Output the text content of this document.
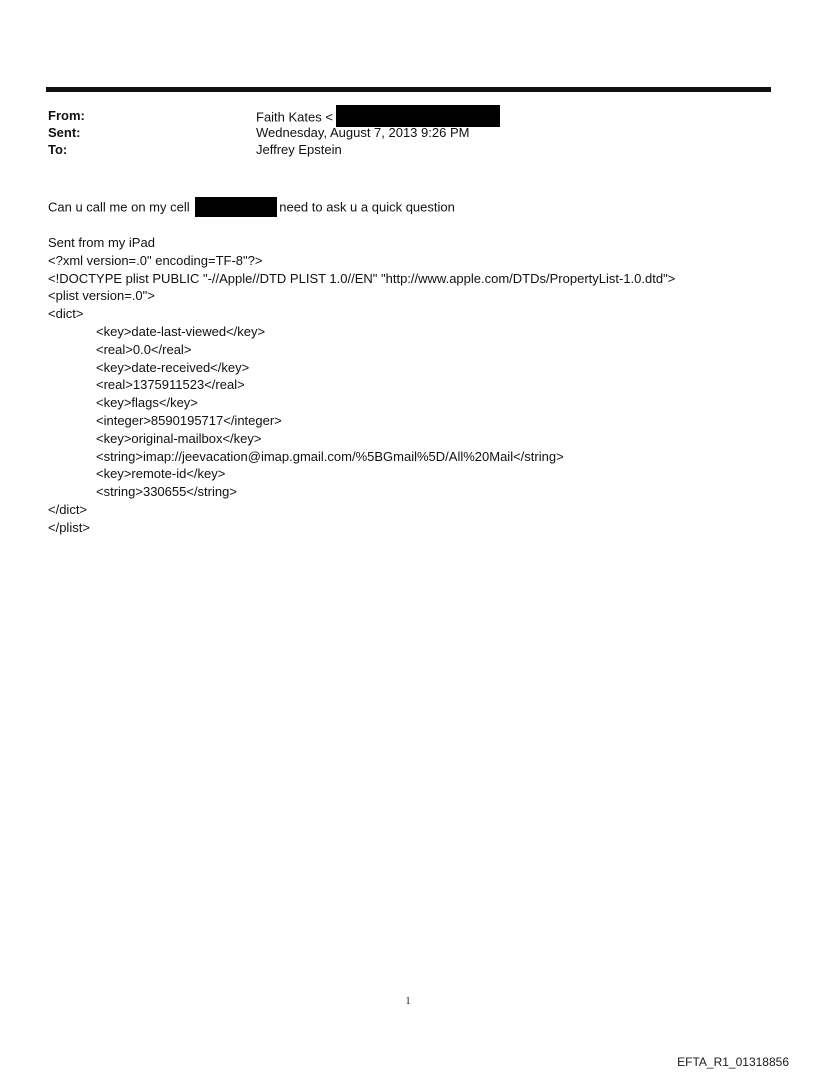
From:	Faith Kates <
Sent:	Wednesday, August 7, 2013 9:26 PM
To:	Jeffrey Epstein
Can u call me on my cell	need to ask u a quick question
Sent from my iPad
<?xml version=.0" encoding=TF-8"?>
<!DOCTYPE plist PUBLIC "-//Apple//DTD PLIST 1.0//EN" "http://www.apple.com/DTDs/PropertyList-1.0.dtd">
<plist version=.0">
<dict>
<key>date-last-viewed</key>
<real>0.0</real>
<key>date-received</key>
<real>1375911523</real>
<key>flags</key>
<integer>8590195717</integer>
<key>original-mailbox</key>
<string>imap://jeevacation@imap.gmail.com/%5BGmail%5D/All%20Mail</string>
<key>remote-id</key>
<string>330655</string>
</dict>
</plist>
1
EFTA_R1_01318856
